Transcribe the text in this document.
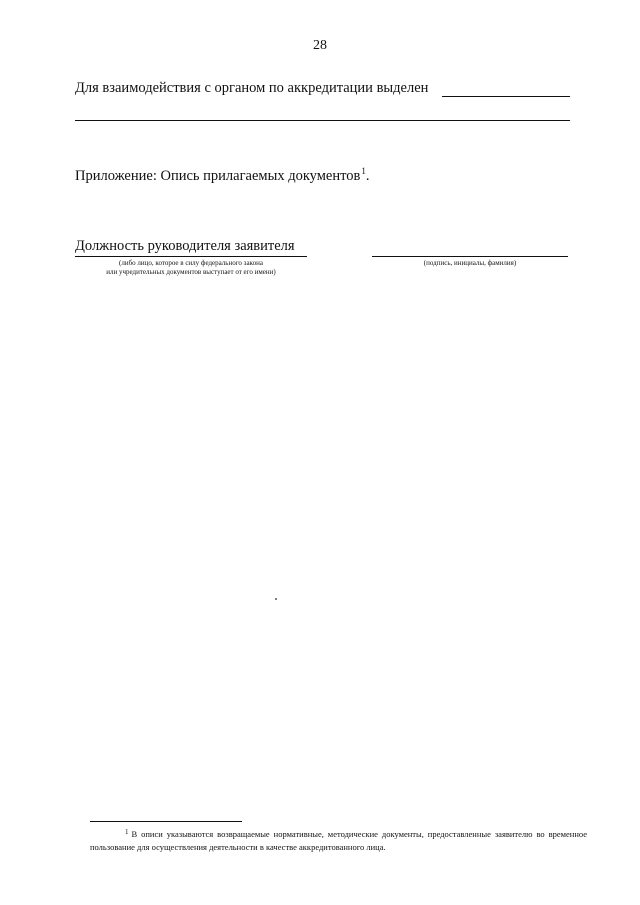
28
Для взаимодействия с органом по аккредитации выделен
Приложение: Опись прилагаемых документов$^1$.
Должность руководителя заявителя
(либо лицо, которое в силу федерального закона
или учредительных документов выступает от его имени)
(подпись, инициалы, фамилия)
$^1$ В описи указываются возвращаемые нормативные, методические документы, предоставленные заявителю во временное пользование для осуществления деятельности в качестве аккредитованного лица.
